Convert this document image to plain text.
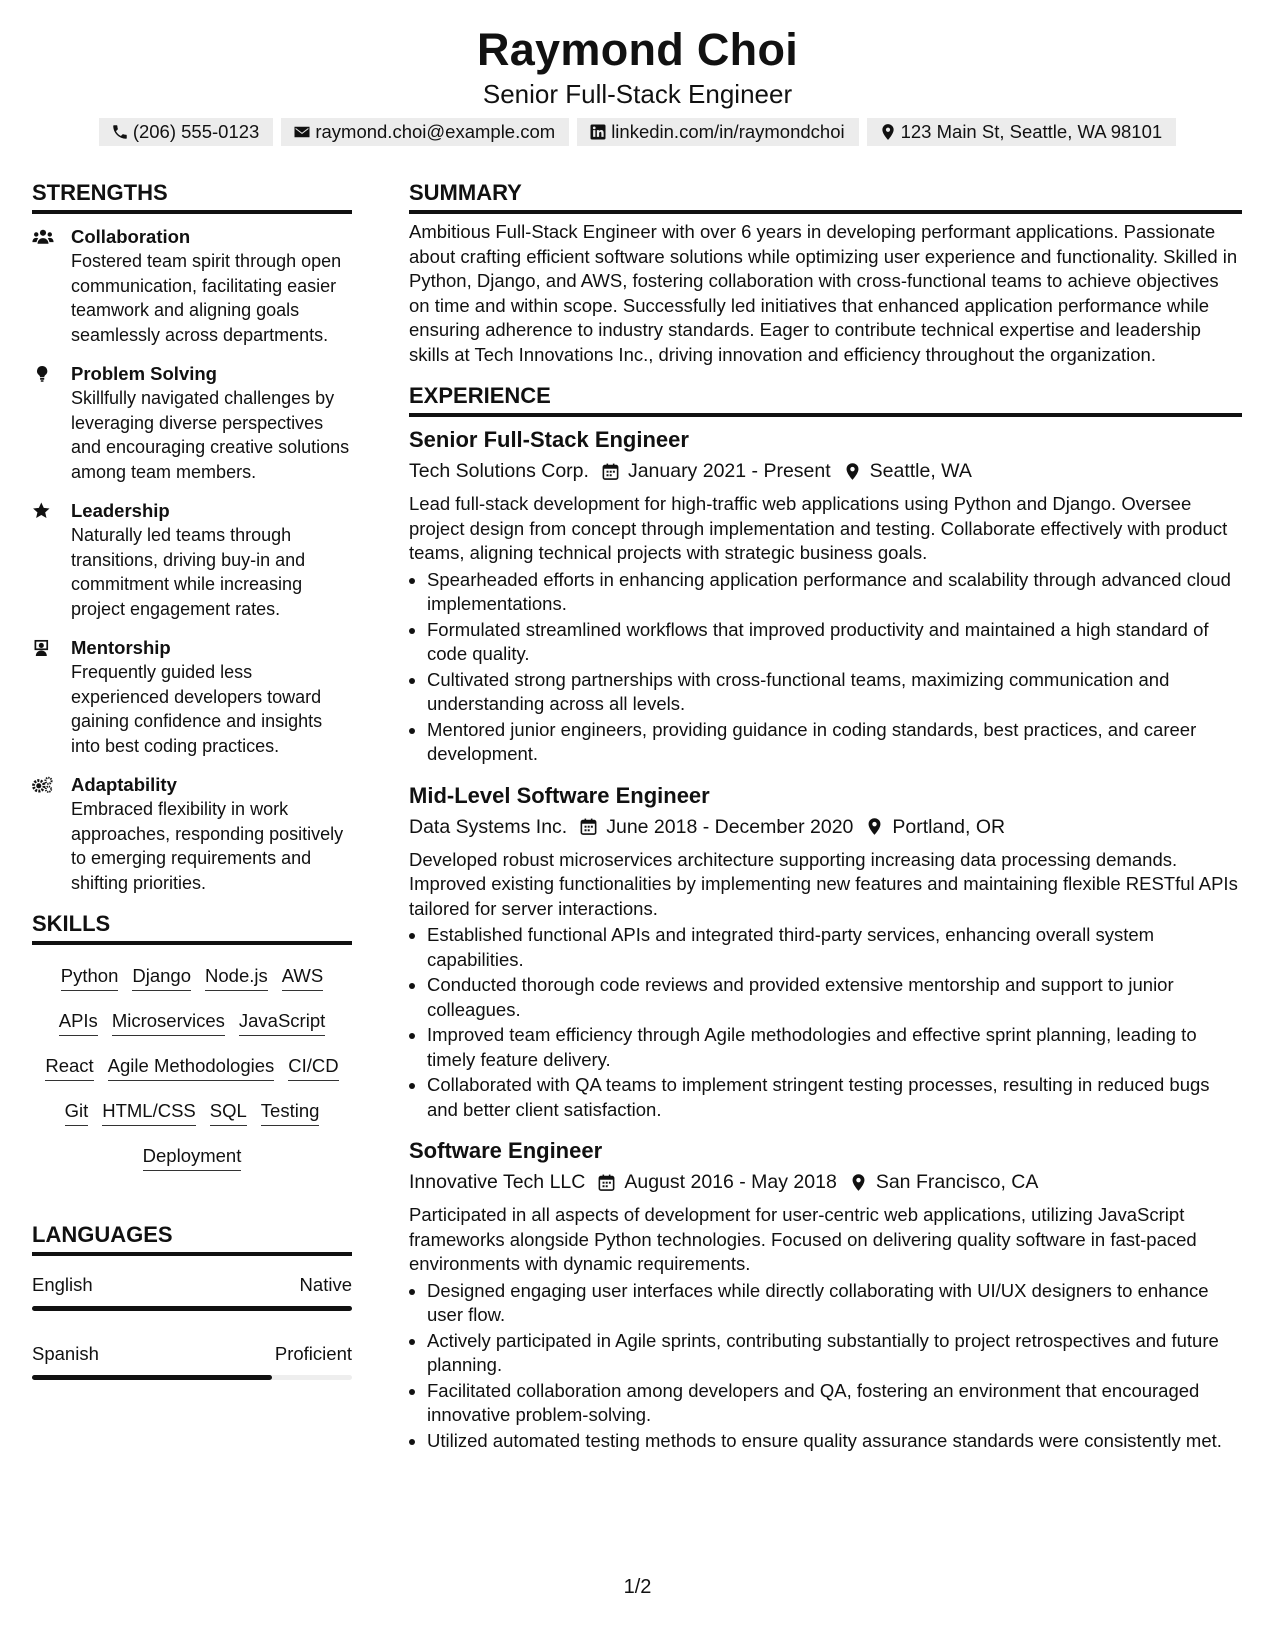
Raymond Choi
Senior Full-Stack Engineer
(206) 555-0123	raymond.choi@example.com	linkedin.com/in/raymondchoi	123 Main St, Seattle, WA 98101
STRENGTHS
Collaboration
Fostered team spirit through open communication, facilitating easier teamwork and aligning goals seamlessly across departments.
Problem Solving
Skillfully navigated challenges by leveraging diverse perspectives and encouraging creative solutions among team members.
Leadership
Naturally led teams through transitions, driving buy-in and commitment while increasing project engagement rates.
Mentorship
Frequently guided less experienced developers toward gaining confidence and insights into best coding practices.
Adaptability
Embraced flexibility in work approaches, responding positively to emerging requirements and shifting priorities.
SKILLS
Python Django Node.js AWS
APIs Microservices JavaScript
React Agile Methodologies CI/CD
Git HTML/CSS SQL Testing
Deployment
LANGUAGES
English	Native
Spanish	Proficient
SUMMARY
Ambitious Full-Stack Engineer with over 6 years in developing performant applications. Passionate about crafting efficient software solutions while optimizing user experience and functionality. Skilled in Python, Django, and AWS, fostering collaboration with cross-functional teams to achieve objectives on time and within scope. Successfully led initiatives that enhanced application performance while ensuring adherence to industry standards. Eager to contribute technical expertise and leadership skills at Tech Innovations Inc., driving innovation and efficiency throughout the organization.
EXPERIENCE
Senior Full-Stack Engineer
Tech Solutions Corp. January 2021 - Present Seattle, WA
Lead full-stack development for high-traffic web applications using Python and Django. Oversee project design from concept through implementation and testing. Collaborate effectively with product teams, aligning technical projects with strategic business goals.
• Spearheaded efforts in enhancing application performance and scalability through advanced cloud implementations.
• Formulated streamlined workflows that improved productivity and maintained a high standard of code quality.
• Cultivated strong partnerships with cross-functional teams, maximizing communication and understanding across all levels.
• Mentored junior engineers, providing guidance in coding standards, best practices, and career development.
Mid-Level Software Engineer
Data Systems Inc. June 2018 - December 2020 Portland, OR
Developed robust microservices architecture supporting increasing data processing demands. Improved existing functionalities by implementing new features and maintaining flexible RESTful APIs tailored for server interactions.
• Established functional APIs and integrated third-party services, enhancing overall system capabilities.
• Conducted thorough code reviews and provided extensive mentorship and support to junior colleagues.
• Improved team efficiency through Agile methodologies and effective sprint planning, leading to timely feature delivery.
• Collaborated with QA teams to implement stringent testing processes, resulting in reduced bugs and better client satisfaction.
Software Engineer
Innovative Tech LLC August 2016 - May 2018 San Francisco, CA
Participated in all aspects of development for user-centric web applications, utilizing JavaScript frameworks alongside Python technologies. Focused on delivering quality software in fast-paced environments with dynamic requirements.
• Designed engaging user interfaces while directly collaborating with UI/UX designers to enhance user flow.
• Actively participated in Agile sprints, contributing substantially to project retrospectives and future planning.
• Facilitated collaboration among developers and QA, fostering an environment that encouraged innovative problem-solving.
• Utilized automated testing methods to ensure quality assurance standards were consistently met.
1/2
